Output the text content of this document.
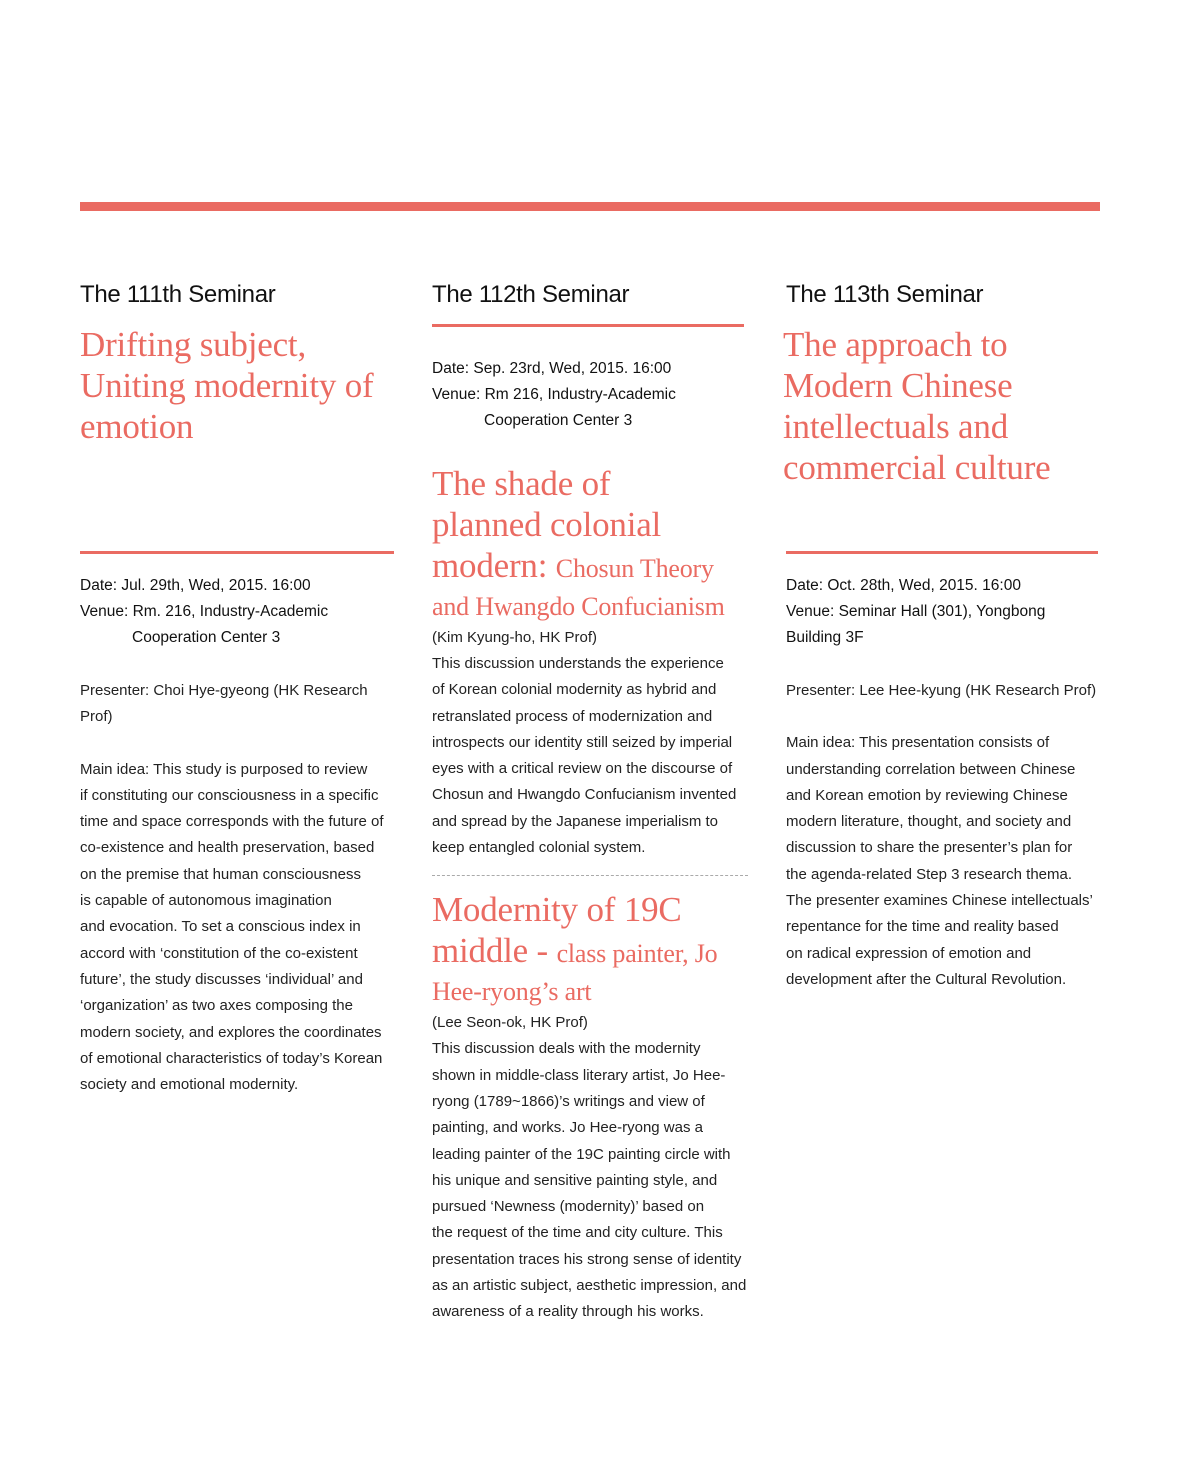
The 111th Seminar
Drifting subject,
Uniting modernity of
emotion
Date: Jul. 29th, Wed, 2015. 16:00
Venue: Rm. 216, Industry-Academic
Cooperation Center 3
Presenter: Choi Hye-gyeong (HK Research
Prof)
Main idea: This study is purposed to review
if constituting our consciousness in a specific
time and space corresponds with the future of
co-existence and health preservation, based
on the premise that human consciousness
is capable of autonomous imagination
and evocation. To set a conscious index in
accord with ‘constitution of the co-existent
future’, the study discusses ‘individual’ and
‘organization’ as two axes composing the
modern society, and explores the coordinates
of emotional characteristics of today’s Korean
society and emotional modernity.
The 112th Seminar
Date: Sep. 23rd, Wed, 2015. 16:00
Venue: Rm 216, Industry-Academic
Cooperation Center 3
The shade of
planned colonial
modern: Chosun Theory
and Hwangdo Confucianism
(Kim Kyung-ho, HK Prof)
This discussion understands the experience
of Korean colonial modernity as hybrid and
retranslated process of modernization and
introspects our identity still seized by imperial
eyes with a critical review on the discourse of
Chosun and Hwangdo Confucianism invented
and spread by the Japanese imperialism to
keep entangled colonial system.
Modernity of 19C
middle - class painter, Jo
Hee-ryong’s art
(Lee Seon-ok, HK Prof)
This discussion deals with the modernity
shown in middle-class literary artist, Jo Hee-
ryong (1789~1866)’s writings and view of
painting, and works. Jo Hee-ryong was a
leading painter of the 19C painting circle with
his unique and sensitive painting style, and
pursued ‘Newness (modernity)’ based on
the request of the time and city culture. This
presentation traces his strong sense of identity
as an artistic subject, aesthetic impression, and
awareness of a reality through his works.
The 113th Seminar
The approach to
Modern Chinese
intellectuals and
commercial culture
Date: Oct. 28th, Wed, 2015. 16:00
Venue: Seminar Hall (301), Yongbong
Building 3F
Presenter: Lee Hee-kyung (HK Research Prof)
Main idea: This presentation consists of
understanding correlation between Chinese
and Korean emotion by reviewing Chinese
modern literature, thought, and society and
discussion to share the presenter’s plan for
the agenda-related Step 3 research thema.
The presenter examines Chinese intellectuals’
repentance for the time and reality based
on radical expression of emotion and
development after the Cultural Revolution.
